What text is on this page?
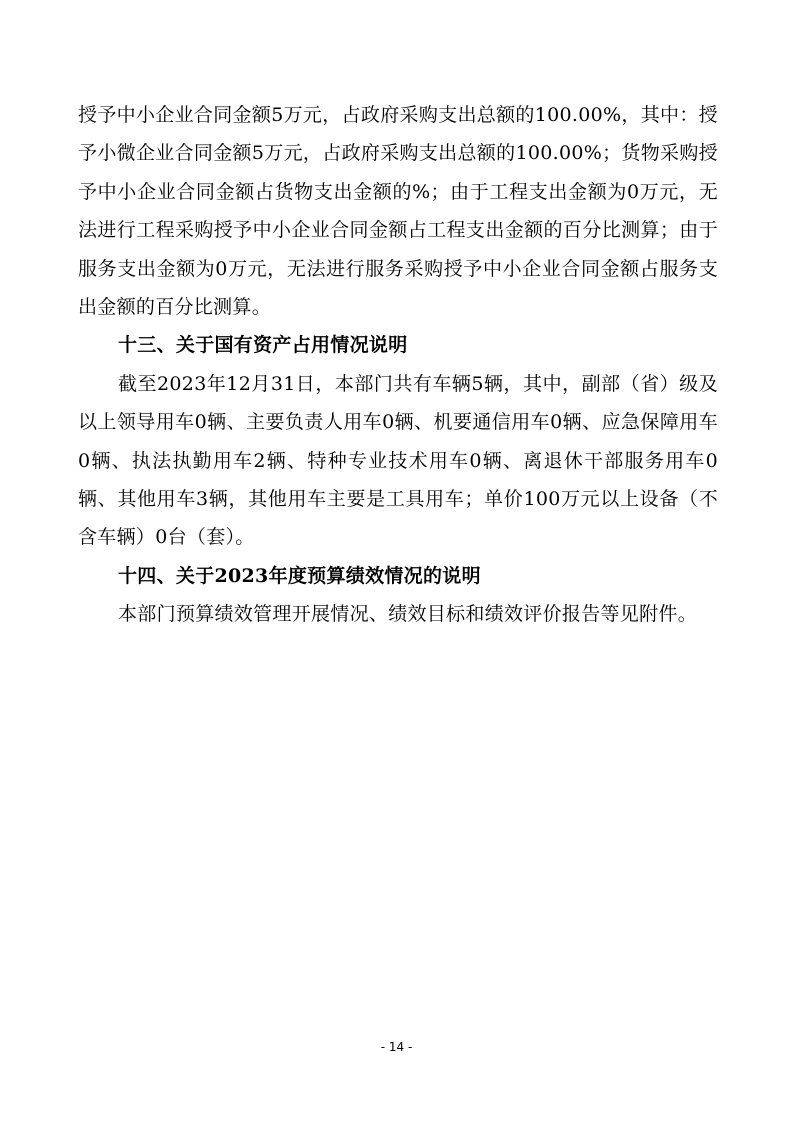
授予中小企业合同金额5万元，占政府采购支出总额的100.00%，其中：授予小微企业合同金额5万元，占政府采购支出总额的100.00%；货物采购授予中小企业合同金额占货物支出金额的%；由于工程支出金额为0万元，无法进行工程采购授予中小企业合同金额占工程支出金额的百分比测算；由于服务支出金额为0万元，无法进行服务采购授予中小企业合同金额占服务支出金额的百分比测算。

十三、关于国有资产占用情况说明

截至2023年12月31日，本部门共有车辆5辆，其中，副部（省）级及以上领导用车0辆、主要负责人用车0辆、机要通信用车0辆、应急保障用车0辆、执法执勤用车2辆、特种专业技术用车0辆、离退休干部服务用车0辆、其他用车3辆，其他用车主要是工具用车；单价100万元以上设备（不含车辆）0台（套）。

十四、关于2023年度预算绩效情况的说明

本部门预算绩效管理开展情况、绩效目标和绩效评价报告等见附件。

- 14 -
